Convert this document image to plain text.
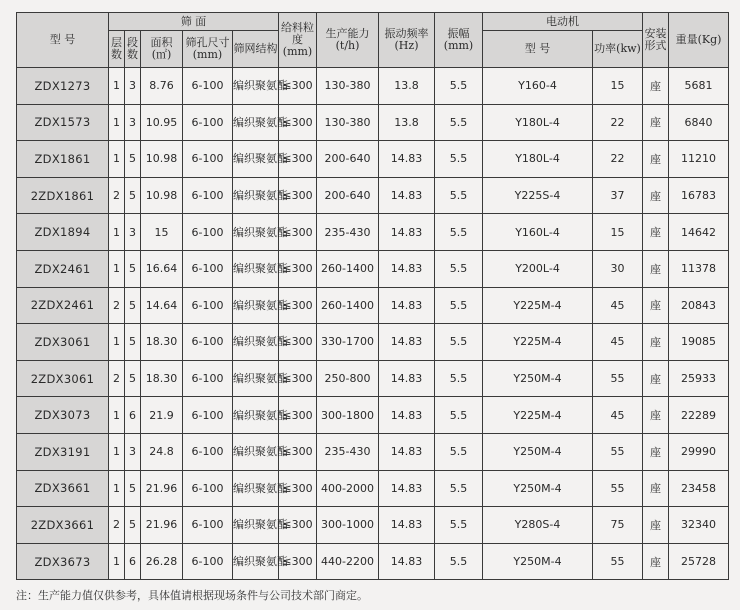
型 号	筛 面					给料粒度(mm)	生产能力(t/h)	振动频率(Hz)	振幅(mm)	电动机		安装形式	重量(Kg)
	层数	段数	面积(㎡)	筛孔尺寸(mm)	筛网结构					型 号	功率(kw)		
ZDX1273	1	3	8.76	6-100	编织聚氨酯	≤300	130-380	13.8	5.5	Y160-4	15	座	5681
ZDX1573	1	3	10.95	6-100	编织聚氨酯	≤300	130-380	13.8	5.5	Y180L-4	22	座	6840
ZDX1861	1	5	10.98	6-100	编织聚氨酯	≤300	200-640	14.83	5.5	Y180L-4	22	座	11210
2ZDX1861	2	5	10.98	6-100	编织聚氨酯	≤300	200-640	14.83	5.5	Y225S-4	37	座	16783
ZDX1894	1	3	15	6-100	编织聚氨酯	≤300	235-430	14.83	5.5	Y160L-4	15	座	14642
ZDX2461	1	5	16.64	6-100	编织聚氨酯	≤300	260-1400	14.83	5.5	Y200L-4	30	座	11378
2ZDX2461	2	5	14.64	6-100	编织聚氨酯	≤300	260-1400	14.83	5.5	Y225M-4	45	座	20843
ZDX3061	1	5	18.30	6-100	编织聚氨酯	≤300	330-1700	14.83	5.5	Y225M-4	45	座	19085
2ZDX3061	2	5	18.30	6-100	编织聚氨酯	≤300	250-800	14.83	5.5	Y250M-4	55	座	25933
ZDX3073	1	6	21.9	6-100	编织聚氨酯	≤300	300-1800	14.83	5.5	Y225M-4	45	座	22289
ZDX3191	1	3	24.8	6-100	编织聚氨酯	≤300	235-430	14.83	5.5	Y250M-4	55	座	29990
ZDX3661	1	5	21.96	6-100	编织聚氨酯	≤300	400-2000	14.83	5.5	Y250M-4	55	座	23458
2ZDX3661	2	5	21.96	6-100	编织聚氨酯	≤300	300-1000	14.83	5.5	Y280S-4	75	座	32340
ZDX3673	1	6	26.28	6-100	编织聚氨酯	≤300	440-2200	14.83	5.5	Y250M-4	55	座	25728
注：生产能力值仅供参考，具体值请根据现场条件与公司技术部门商定。
